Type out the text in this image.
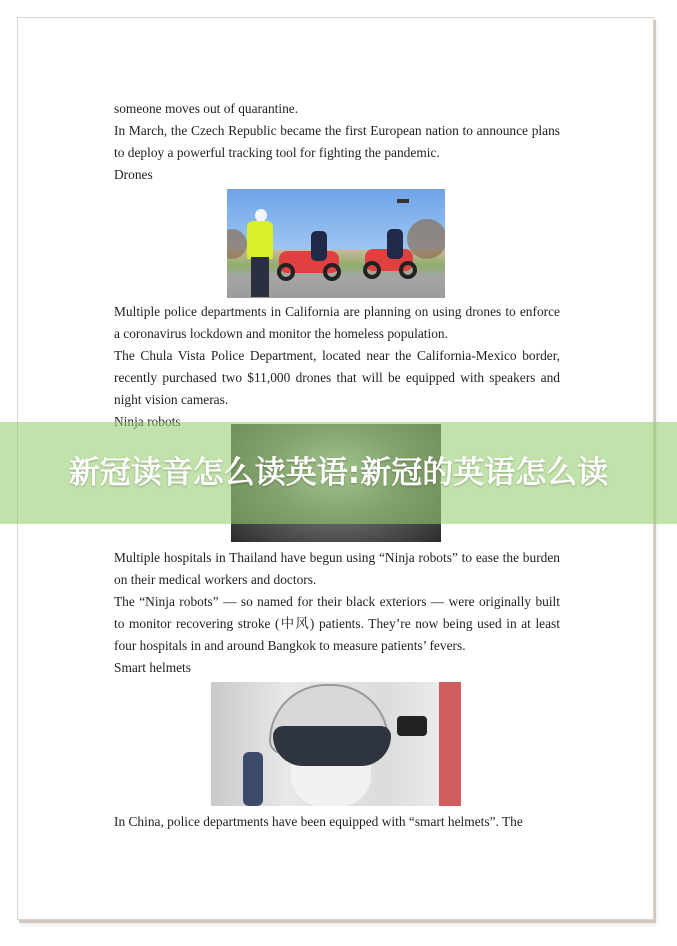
someone moves out of quarantine.

In March, the Czech Republic became the first European nation to announce plans to deploy a powerful tracking tool for fighting the pandemic.

Drones

Multiple police departments in California are planning on using drones to enforce a coronavirus lockdown and monitor the homeless population.

The Chula Vista Police Department, located near the California-Mexico border, recently purchased two $11,000 drones that will be equipped with speakers and night vision cameras.

Multiple hospitals in Thailand have begun using “Ninja robots” to ease the burden on their medical workers and doctors.

The “Ninja robots” — so named for their black exteriors — were originally built to monitor recovering stroke (中风) patients. They’re now being used in at least four hospitals in and around Bangkok to measure patients’ fevers.

Smart helmets

In China, police departments have been equipped with “smart helmets”. The

新冠读音怎么读英语:新冠的英语怎么读
